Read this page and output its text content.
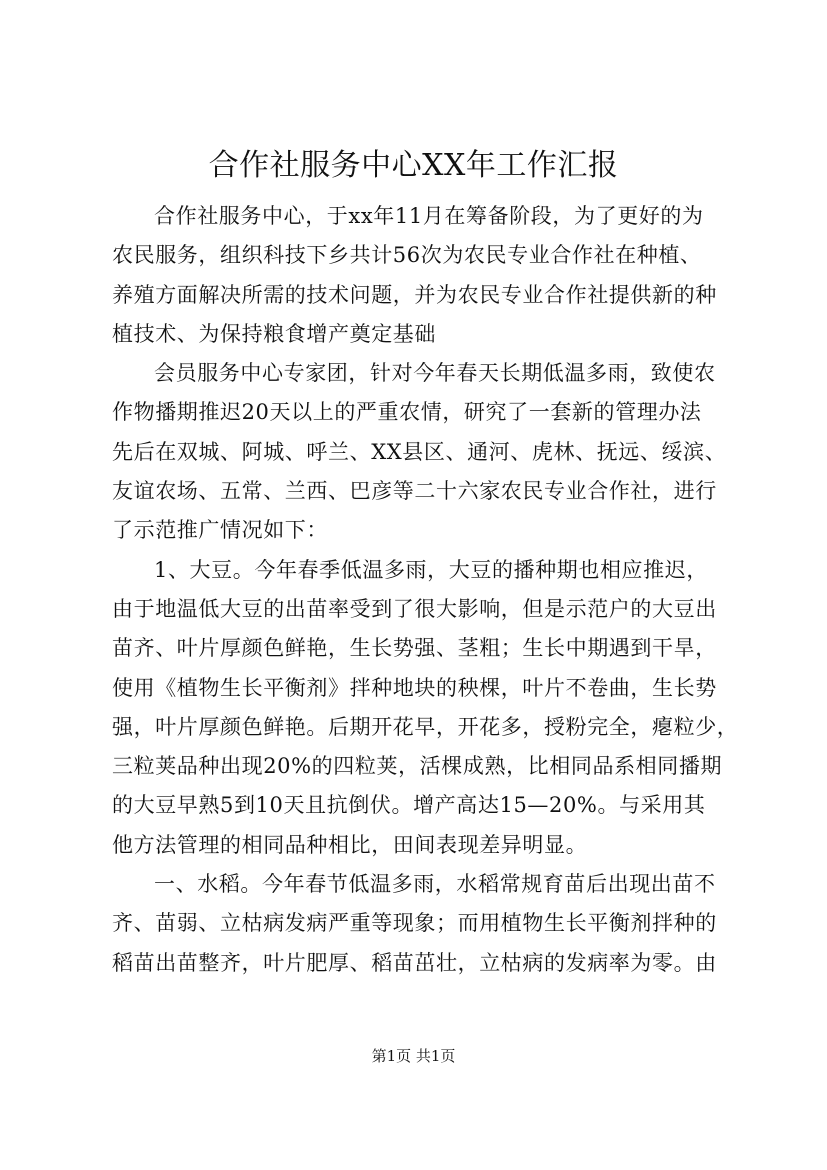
合作社服务中心XX年工作汇报
合作社服务中心，于xx年11月在筹备阶段，为了更好的为
农民服务，组织科技下乡共计56次为农民专业合作社在种植、
养殖方面解决所需的技术问题，并为农民专业合作社提供新的种
植技术、为保持粮食增产奠定基础
会员服务中心专家团，针对今年春天长期低温多雨，致使农
作物播期推迟20天以上的严重农情，研究了一套新的管理办法
先后在双城、阿城、呼兰、XX县区、通河、虎林、抚远、绥滨、
友谊农场、五常、兰西、巴彦等二十六家农民专业合作社，进行
了示范推广情况如下：
1、大豆。今年春季低温多雨，大豆的播种期也相应推迟，
由于地温低大豆的出苗率受到了很大影响，但是示范户的大豆出
苗齐、叶片厚颜色鲜艳，生长势强、茎粗；生长中期遇到干旱，
使用《植物生长平衡剂》拌种地块的秧棵，叶片不卷曲，生长势
强，叶片厚颜色鲜艳。后期开花早，开花多，授粉完全，瘪粒少，
三粒荚品种出现20%的四粒荚，活棵成熟，比相同品系相同播期
的大豆早熟5到10天且抗倒伏。增产高达15—20%。与采用其
他方法管理的相同品种相比，田间表现差异明显。
一、水稻。今年春节低温多雨，水稻常规育苗后出现出苗不
齐、苗弱、立枯病发病严重等现象；而用植物生长平衡剂拌种的
稻苗出苗整齐，叶片肥厚、稻苗茁壮，立枯病的发病率为零。由
第1页 共1页
